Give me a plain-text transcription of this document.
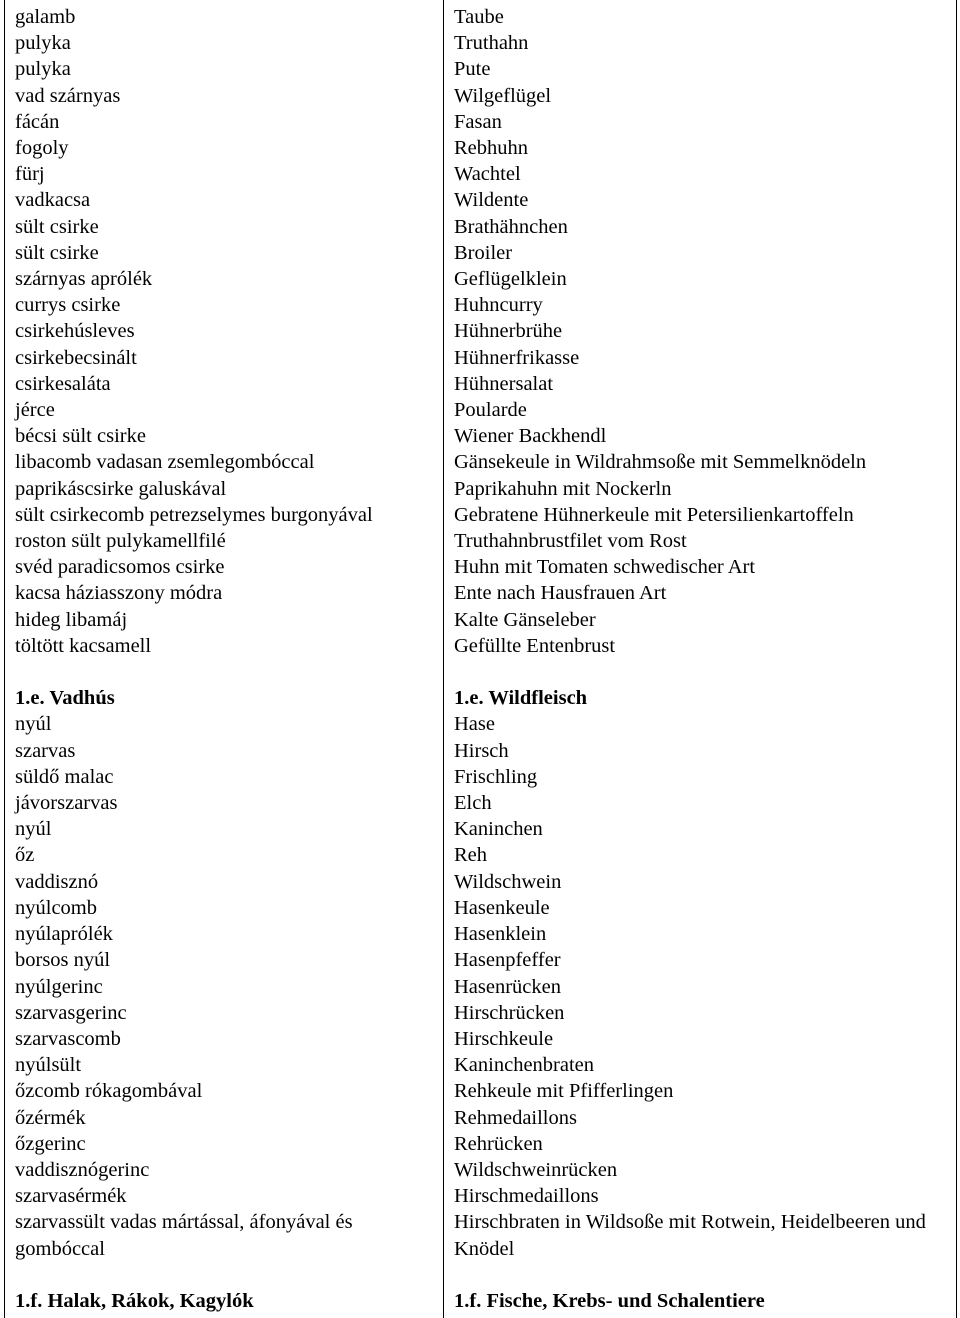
galamb
pulyka
pulyka
vad szárnyas
fácán
fogoly
fürj
vadkacsa
sült csirke
sült csirke
szárnyas aprólék
currys csirke
csirkehúsleves
csirkebecsinált
csirkesaláta
jérce
bécsi sült csirke
libacomb vadasan zsemlegombóccal
paprikáscsirke galuskával
sült csirkecomb petrezselymes burgonyával
roston sült pulykamellfilé
svéd paradicsomos csirke
kacsa háziasszony módra
hideg libamáj
töltött kacsamell
1.e. Vadhús
nyúl
szarvas
süldő malac
jávorszarvas
nyúl
őz
vaddisznó
nyúlcomb
nyúlaprólék
borsos nyúl
nyúlgerinc
szarvasgerinc
szarvascomb
nyúlsült
őzcomb rókagombával
őzérmék
őzgerinc
vaddisznógerinc
szarvasérmék
szarvassült vadas mártással, áfonyával és gombóccal
1.f. Halak, Rákok, Kagylók
Taube
Truthahn
Pute
Wilgeflügel
Fasan
Rebhuhn
Wachtel
Wildente
Brathähnchen
Broiler
Geflügelklein
Huhncurry
Hühnerbrühe
Hühnerfrikasse
Hühnersalat
Poularde
Wiener Backhendl
Gänsekeule in Wildrahmsoße mit Semmelknödeln
Paprikahuhn mit Nockerln
Gebratene Hühnerkeule mit Petersilienkartoffeln
Truthahnbrustfilet vom Rost
Huhn mit Tomaten schwedischer Art
Ente nach Hausfrauen Art
Kalte Gänseleber
Gefüllte Entenbrust
1.e. Wildfleisch
Hase
Hirsch
Frischling
Elch
Kaninchen
Reh
Wildschwein
Hasenkeule
Hasenklein
Hasenpfeffer
Hasenrücken
Hirschrücken
Hirschkeule
Kaninchenbraten
Rehkeule mit Pfifferlingen
Rehmedaillons
Rehrücken
Wildschweinrücken
Hirschmedaillons
Hirschbraten in Wildsoße mit Rotwein, Heidelbeeren und Knödel
1.f. Fische, Krebs- und Schalentiere
